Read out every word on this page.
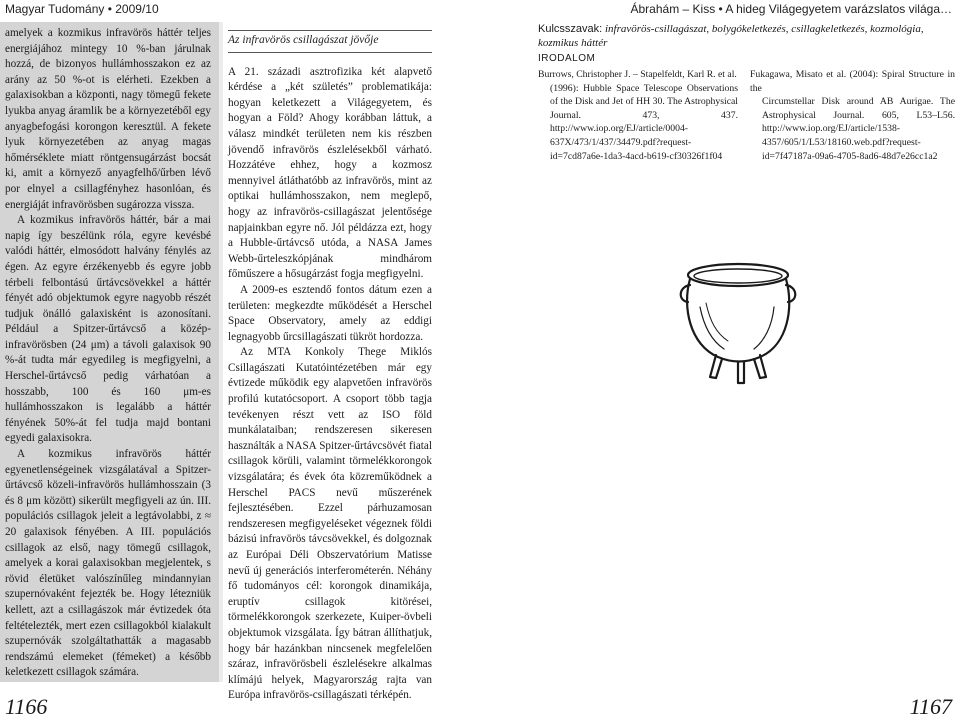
Magyar Tudomány • 2009/10	Ábrahám – Kiss • A hideg Világegyetem varázslatos világa…

amelyek a kozmikus infravörös háttér teljes energiájához mintegy 10 %-ban járulnak hozzá, de bizonyos hullámhosszakon ez az arány az 50 %-ot is elérheti. Ezekben a galaxisokban a központi, nagy tömegű fekete lyukba anyag áramlik be a környezetéből egy anyagbefogási korongon keresztül. A fekete lyuk környezetében az anyag magas hőmérséklete miatt röntgensugárzást bocsát ki, amit a környező anyagfelhő/űrben lévő por elnyel a csillagfényhez hasonlóan, és energiáját infravörösben sugározza vissza.

A kozmikus infravörös háttér, bár a mai napig így beszélünk róla, egyre kevésbé valódi háttér, elmosódott halvány fénylés az égen. Az egyre érzékenyebb és egyre jobb térbeli felbontású űrtávcsövekkel a háttér fényét adó objektumok egyre nagyobb részét tudjuk önálló galaxisként is azonosítani. Például a Spitzer-űrtávcső a közép-infravörösben (24 μm) a távoli galaxisok 90 %-át tudta már egyedileg is megfigyelni, a Herschel-űrtávcső pedig várhatóan a hosszabb, 100 és 160 μm-es hullámhosszakon is legalább a háttér fényének 50%-át fel tudja majd bontani egyedi galaxisokra.

A kozmikus infravörös háttér egyenetlenségeinek vizsgálatával a Spitzer-űrtávcső közeli-infravörös hullámhosszain (3 és 8 μm között) sikerült megfigyeli az ún. III. populációs csillagok jeleit a legtávolabbi, z ≈ 20 galaxisok fényében. A III. populációs csillagok az első, nagy tömegű csillagok, amelyek a korai galaxisokban megjelentek, s rövid életüket valószínűleg mindannyian szupernóvaként fejezték be. Hogy létezniük kellett, azt a csillagászok már évtizedek óta feltételezték, mert ezen csillagokból kialakult szupernóvák szolgáltathatták a magasabb rendszámú elemeket (fémeket) a később keletkezett csillagok számára.

Az infravörös csillagászat jövője

A 21. századi asztrofizika két alapvető kérdése a „két születés” problematikája: hogyan keletkezett a Világegyetem, és hogyan a Föld? Ahogy korábban láttuk, a válasz mindkét területen nem kis részben jövendő infravörös észlelésekből várható. Hozzátéve ehhez, hogy a kozmosz mennyivel átláthatóbb az infravörös, mint az optikai hullámhosszakon, nem meglepő, hogy az infravörös-csillagászat jelentősége napjainkban egyre nő. Jól példázza ezt, hogy a Hubble-űrtávcső utóda, a NASA James Webb-űrteleszkópjának mindhárom főműszere a hősugárzást fogja megfigyelni.

A 2009-es esztendő fontos dátum ezen a területen: megkezdte működését a Herschel Space Observatory, amely az eddigi legnagyobb űrcsillagászati tükröt hordozza.

Az MTA Konkoly Thege Miklós Csillagászati Kutatóintézetében már egy évtizede működik egy alapvetően infravörös profilú kutatócsoport. A csoport több tagja tevékenyen részt vett az ISO föld munkálataiban; rendszeresen sikeresen használták a NASA Spitzer-űrtávcsövét fiatal csillagok körüli, valamint törmelékkorongok vizsgálatára; és évek óta közreműködnek a Herschel PACS nevű műszerének fejlesztésében. Ezzel párhuzamosan rendszeresen megfigyeléseket végeznek földi bázisú infravörös távcsövekkel, és dolgoznak az Európai Déli Obszervatórium Matisse nevű új generációs interferométerén. Néhány fő tudományos cél: korongok dinamikája, eruptív csillagok kitörései, törmelékkorongok szerkezete, Kuiper-övbeli objektumok vizsgálata. Így bátran állíthatjuk, hogy bár hazánkban nincsenek megfelelően száraz, infravörösbeli észlelésekre alkalmas klímájú helyek, Magyarország rajta van Európa infravörös-csillagászati térképén.

Kulcsszavak: infravörös-csillagászat, bolygókeletkezés, csillagkeletkezés, kozmológia, kozmikus háttér
IRODALOM
Burrows, Christopher J. – Stapelfeldt, Karl R. et al.
(1996): Hubble Space Telescope Observations of the Disk and Jet of HH 30. The Astrophysical Journal. 473, 437. http://www.iop.org/EJ/article/0004-637X/473/1/437/34479.pdf?request-id=7cd87a6e-1da3-4acd-b619-cf30326f1f04
Fukagawa, Misato et al. (2004): Spiral Structure in the
Circumstellar Disk around AB Aurigae. The Astrophysical Journal. 605, L53–L56. http://www.iop.org/EJ/article/1538-4357/605/1/L53/18160.web.pdf?request-id=7f47187a-09a6-4705-8ad6-48d7e26cc1a2
1166	1167
